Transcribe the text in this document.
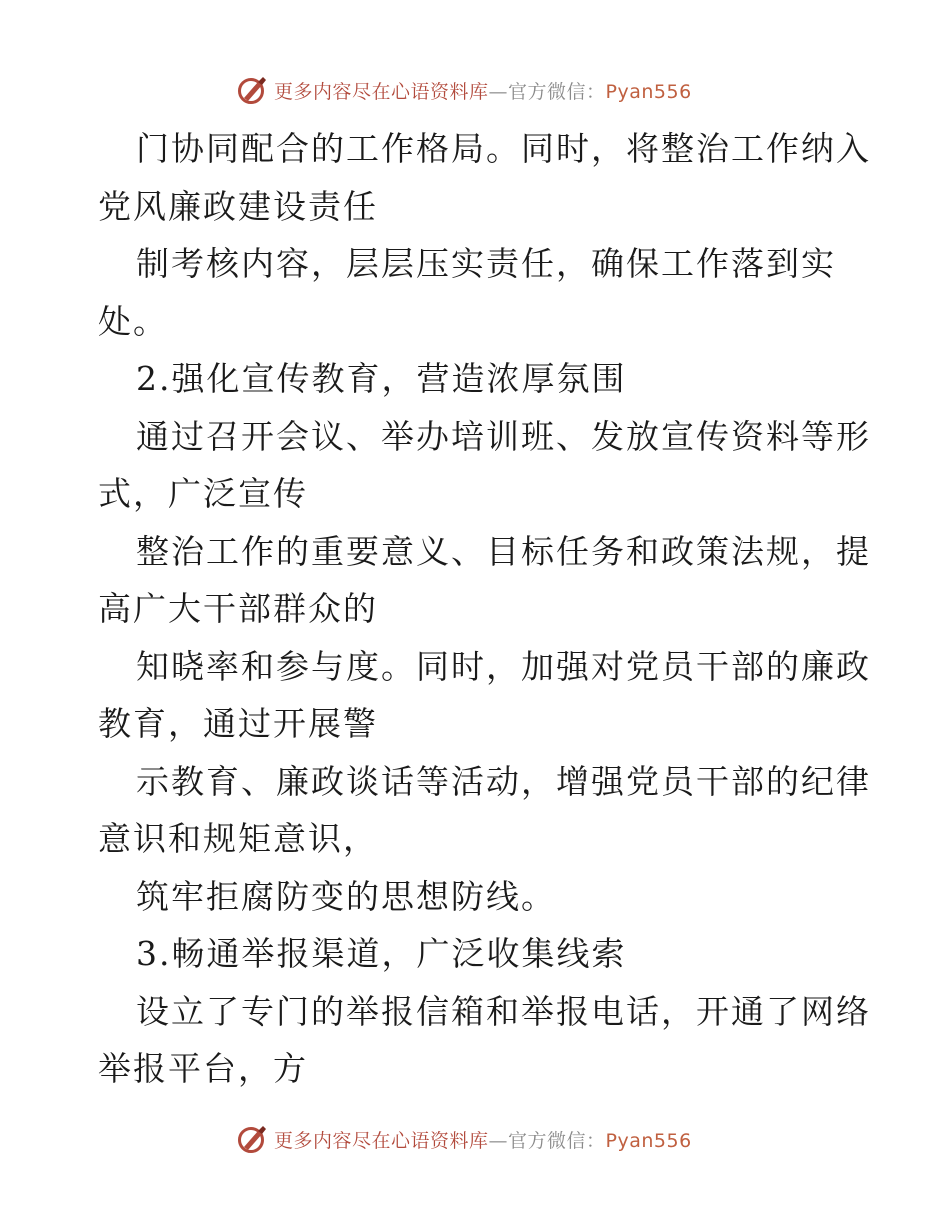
更多内容尽在心语资料库—官方微信：Pyan556
门协同配合的工作格局。同时，将整治工作纳入
党风廉政建设责任
制考核内容，层层压实责任，确保工作落到实
处。
2.强化宣传教育，营造浓厚氛围
通过召开会议、举办培训班、发放宣传资料等形
式，广泛宣传
整治工作的重要意义、目标任务和政策法规，提
高广大干部群众的
知晓率和参与度。同时，加强对党员干部的廉政
教育，通过开展警
示教育、廉政谈话等活动，增强党员干部的纪律
意识和规矩意识，
筑牢拒腐防变的思想防线。
3.畅通举报渠道，广泛收集线索
设立了专门的举报信箱和举报电话，开通了网络
举报平台，方
更多内容尽在心语资料库—官方微信：Pyan556
